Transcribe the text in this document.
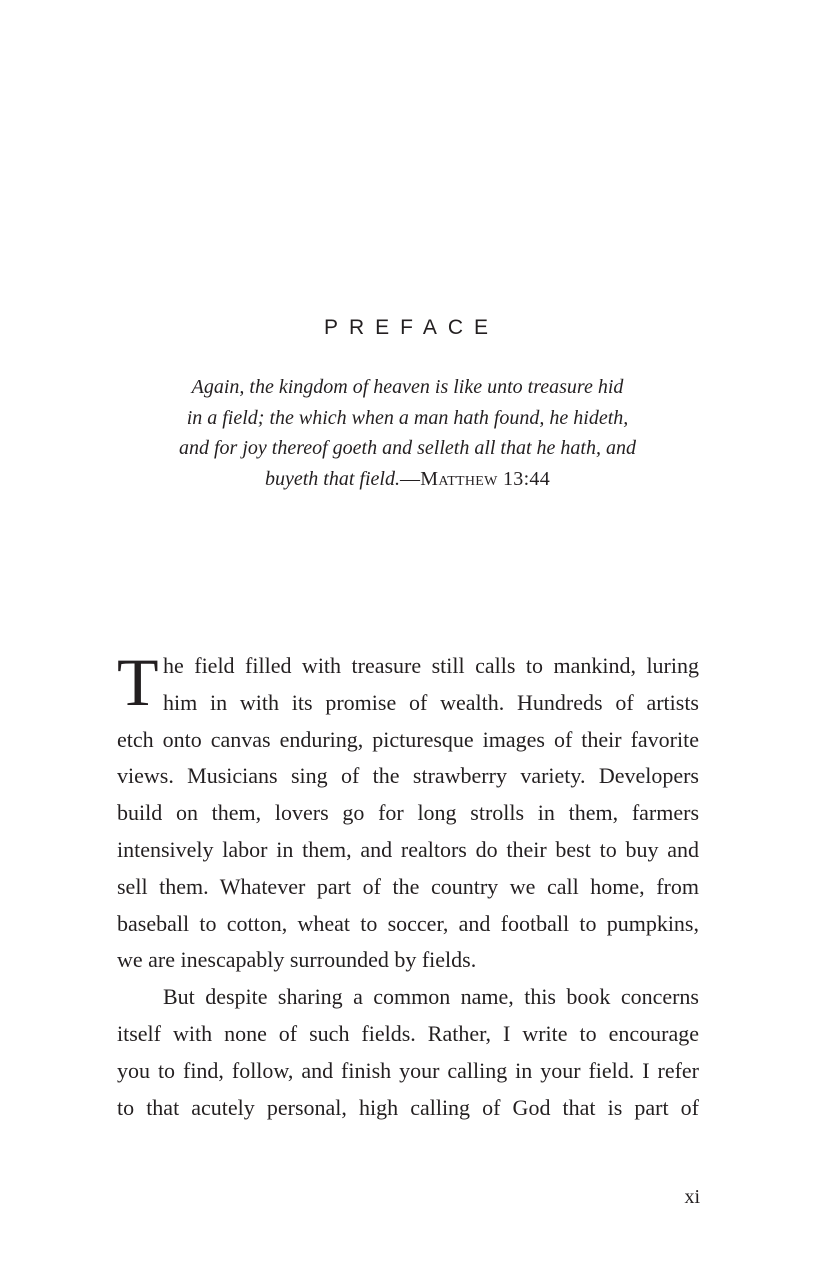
PREFACE
Again, the kingdom of heaven is like unto treasure hid
in a field; the which when a man hath found, he hideth,
and for joy thereof goeth and selleth all that he hath, and
buyeth that field.—Matthew 13:44
T he field filled with treasure still calls to mankind, luring
him in with its promise of wealth. Hundreds of artists
etch onto canvas enduring, picturesque images of their favorite
views. Musicians sing of the strawberry variety. Developers
build on them, lovers go for long strolls in them, farmers
intensively labor in them, and realtors do their best to buy and
sell them. Whatever part of the country we call home, from
baseball to cotton, wheat to soccer, and football to pumpkins,
we are inescapably surrounded by fields.
But despite sharing a common name, this book concerns
itself with none of such fields. Rather, I write to encourage
you to find, follow, and finish your calling in your field. I refer
to that acutely personal, high calling of God that is part of
xi
